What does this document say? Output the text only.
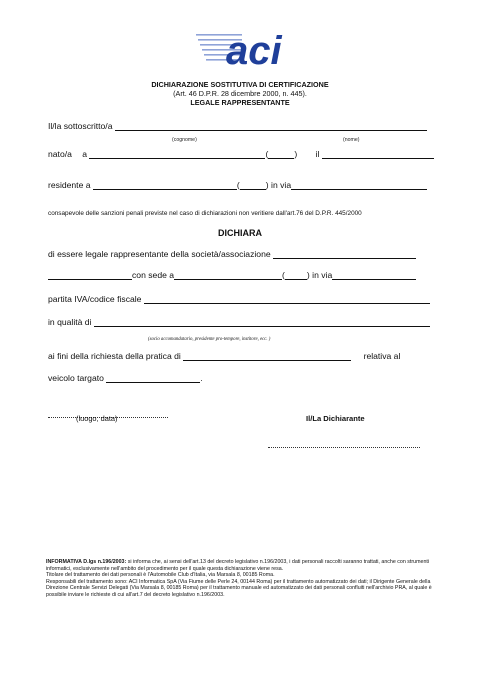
aci
DICHIARAZIONE SOSTITUTIVA DI CERTIFICAZIONE
(Art. 46 D.P.R. 28 dicembre 2000, n. 445).
LEGALE RAPPRESENTANTE
Il/la sottoscritto/a
(cognome)	(nome)
nato/a a	(	) il
residente a	(	) in via
consapevole delle sanzioni penali previste nel caso di dichiarazioni non veritiere dall'art.76 del D.P.R. 445/2000
DICHIARA
di essere legale rappresentante della società/associazione
con sede a	(	) in via
partita IVA/codice fiscale
in qualità di
(socio accomandatario, presidente pro-tempore, institore, ecc. )
ai fini della richiesta della pratica di	relativa al
veicolo targato	.
(luogo, data)	Il/La Dichiarante
INFORMATIVA D.lgs n.196/2003: si informa che, ai sensi dell'art.13 del decreto legislativo n.196/2003, i dati personali raccolti saranno trattati, anche con strumenti informatici, esclusivamente nell'ambito del procedimento per il quale questa dichiarazione viene resa.
Titolare del trattamento dei dati personali è l'Automobile Club d'Italia, via Marsala 8, 00185 Roma.
Responsabili del trattamento sono: ACI Informatica SpA (Via Fiume delle Perle 24, 00144 Roma) per il trattamento automatizzato dei dati; il Dirigente Generale della Direzione Centrale Servizi Delegati (Via Marsala 8, 00185 Roma) per il trattamento manuale ed automatizzato dei dati personali confluiti nell'archivio PRA, al quale è possibile inviare le richieste di cui all'art.7 del decreto legislativo n.196/2003.
